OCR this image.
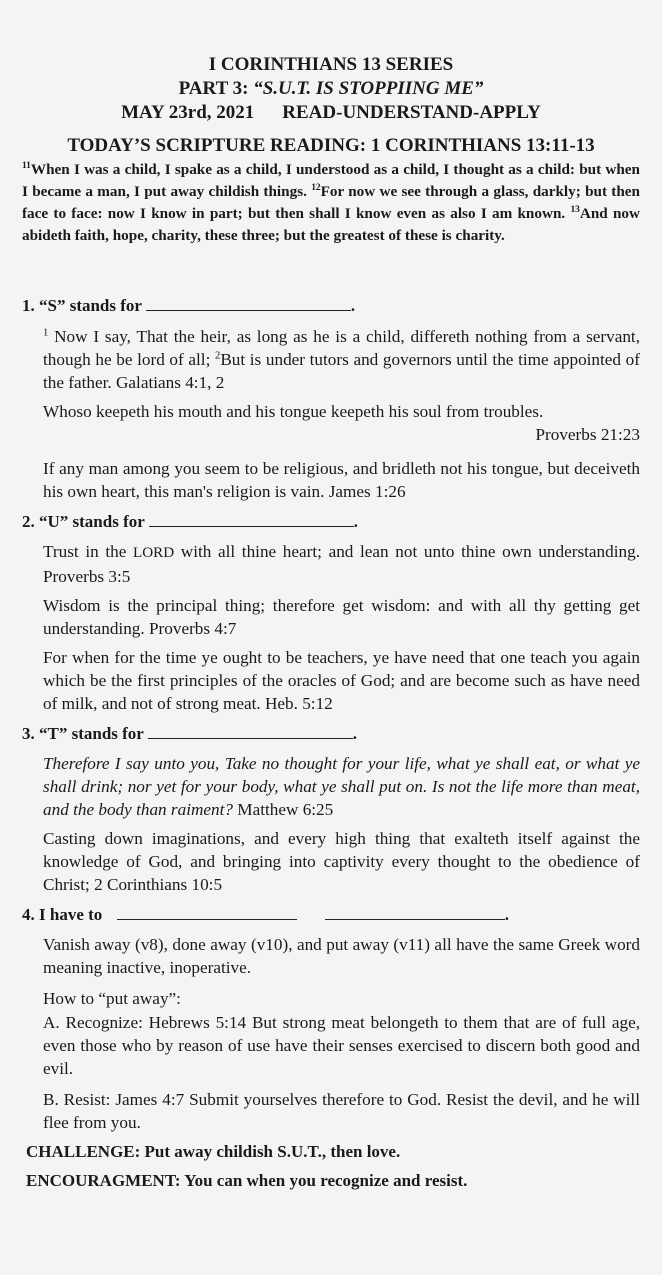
I CORINTHIANS 13 SERIES
PART 3: “S.U.T. IS STOPPIING ME”
MAY 23rd, 2021 READ-UNDERSTAND-APPLY
TODAY’S SCRIPTURE READING: 1 CORINTHIANS 13:11-13

$^{11}$When I was a child, I spake as a child, I understood as a child, I thought as a child: but when I became a man, I put away childish things. $^{12}$For now we see through a glass, darkly; but then face to face: now I know in part; but then shall I know even as also I am known. $^{13}$And now abideth faith, hope, charity, these three; but the greatest of these is charity.

1. “S” stands for	.

$^1$ Now I say, That the heir, as long as he is a child, differeth nothing from a servant, though he be lord of all; $^2$But is under tutors and governors until the time appointed of the father. Galatians 4:1, 2

Whoso keepeth his mouth and his tongue keepeth his soul from troubles.
Proverbs 21:23

If any man among you seem to be religious, and bridleth not his tongue, but deceiveth his own heart, this man's religion is vain. James 1:26

2. “U” stands for	.

Trust in the LORD with all thine heart; and lean not unto thine own understanding. Proverbs 3:5

Wisdom is the principal thing; therefore get wisdom: and with all thy getting get understanding. Proverbs 4:7

For when for the time ye ought to be teachers, ye have need that one teach you again which be the first principles of the oracles of God; and are become such as have need of milk, and not of strong meat. Heb. 5:12

3. “T” stands for	.

Therefore I say unto you, Take no thought for your life, what ye shall eat, or what ye shall drink; nor yet for your body, what ye shall put on. Is not the life more than meat, and the body than raiment? Matthew 6:25

Casting down imaginations, and every high thing that exalteth itself against the knowledge of God, and bringing into captivity every thought to the obedience of Christ; 2 Corinthians 10:5

4. I have to	.

Vanish away (v8), done away (v10), and put away (v11) all have the same Greek word meaning inactive, inoperative.

How to “put away”:

A. Recognize: Hebrews 5:14 But strong meat belongeth to them that are of full age, even those who by reason of use have their senses exercised to discern both good and evil.

B. Resist: James 4:7 Submit yourselves therefore to God. Resist the devil, and he will flee from you.

CHALLENGE: Put away childish S.U.T., then love.

ENCOURAGMENT: You can when you recognize and resist.
